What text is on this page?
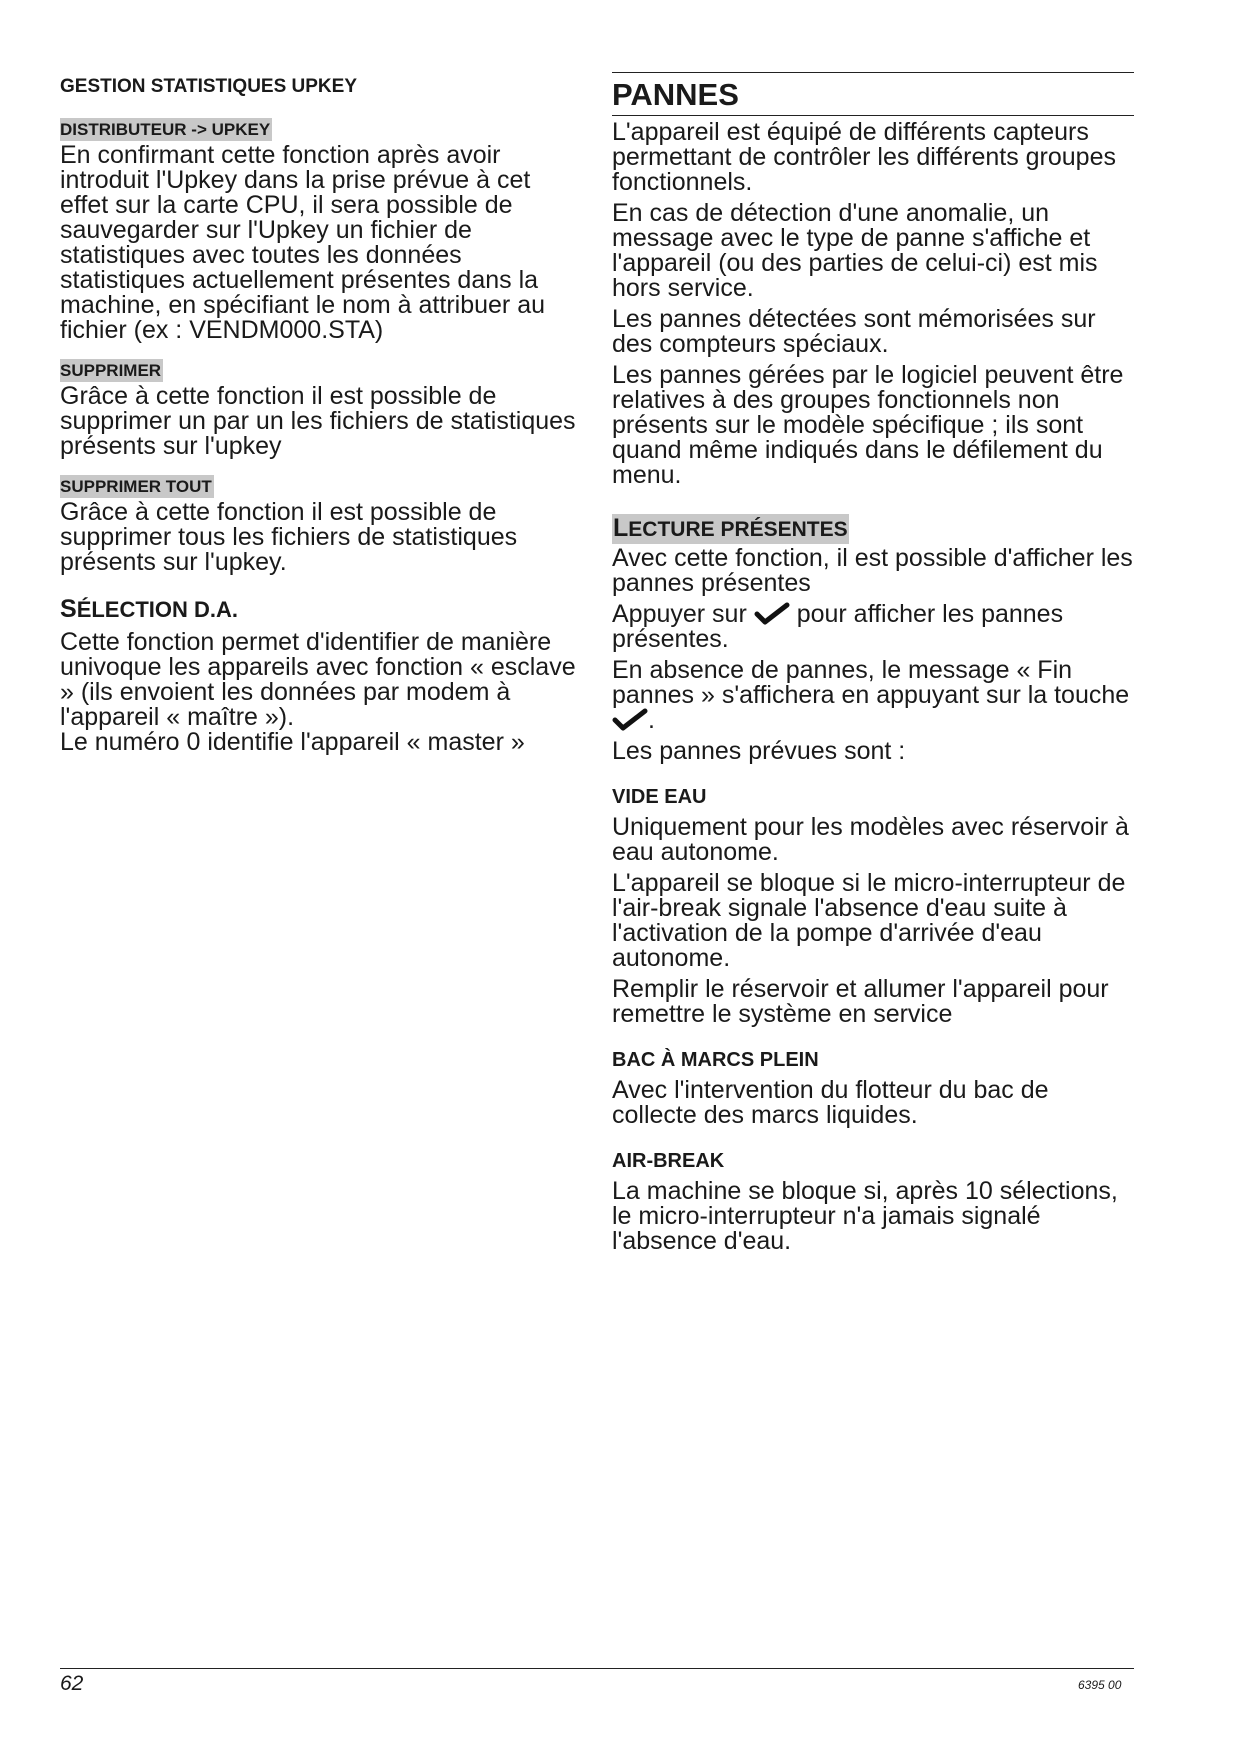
GESTION STATISTIQUES UPKEY
DISTRIBUTEUR -> UPKEY

En confirmant cette fonction après avoir introduit l'Upkey dans la prise prévue à cet effet sur la carte CPU, il sera possible de sauvegarder sur l'Upkey un fichier de statistiques avec toutes les données statistiques actuellement présentes dans la machine, en spécifiant le nom à attribuer au fichier (ex : VENDM000.STA)

SUPPRIMER

Grâce à cette fonction il est possible de supprimer un par un les fichiers de statistiques présents sur l'upkey

SUPPRIMER TOUT

Grâce à cette fonction il est possible de supprimer tous les fichiers de statistiques présents sur l'upkey.

SÉLECTION D.A.

Cette fonction permet d'identifier de manière univoque les appareils avec fonction « esclave » (ils envoient les données par modem à l'appareil « maître »).

Le numéro 0 identifie l'appareil « master »

PANNES

L'appareil est équipé de différents capteurs permettant de contrôler les différents groupes fonctionnels.

En cas de détection d'une anomalie, un message avec le type de panne s'affiche et l'appareil (ou des parties de celui-ci) est mis hors service.

Les pannes détectées sont mémorisées sur des compteurs spéciaux.

Les pannes gérées par le logiciel peuvent être relatives à des groupes fonctionnels non présents sur le modèle spécifique ; ils sont quand même indiqués dans le défilement du menu.

LECTURE PRÉSENTES

Avec cette fonction, il est possible d'afficher les pannes présentes

Appuyer sur pour afficher les pannes présentes.

En absence de pannes, le message « Fin pannes » s'affichera en appuyant sur la touche .

Les pannes prévues sont :

VIDE EAU

Uniquement pour les modèles avec réservoir à eau autonome.

L'appareil se bloque si le micro-interrupteur de l'air-break signale l'absence d'eau suite à l'activation de la pompe d'arrivée d'eau autonome.

Remplir le réservoir et allumer l'appareil pour remettre le système en service

BAC À MARCS PLEIN

Avec l'intervention du flotteur du bac de collecte des marcs liquides.

AIR-BREAK

La machine se bloque si, après 10 sélections, le micro-interrupteur n'a jamais signalé l'absence d'eau.

62	6395 00
